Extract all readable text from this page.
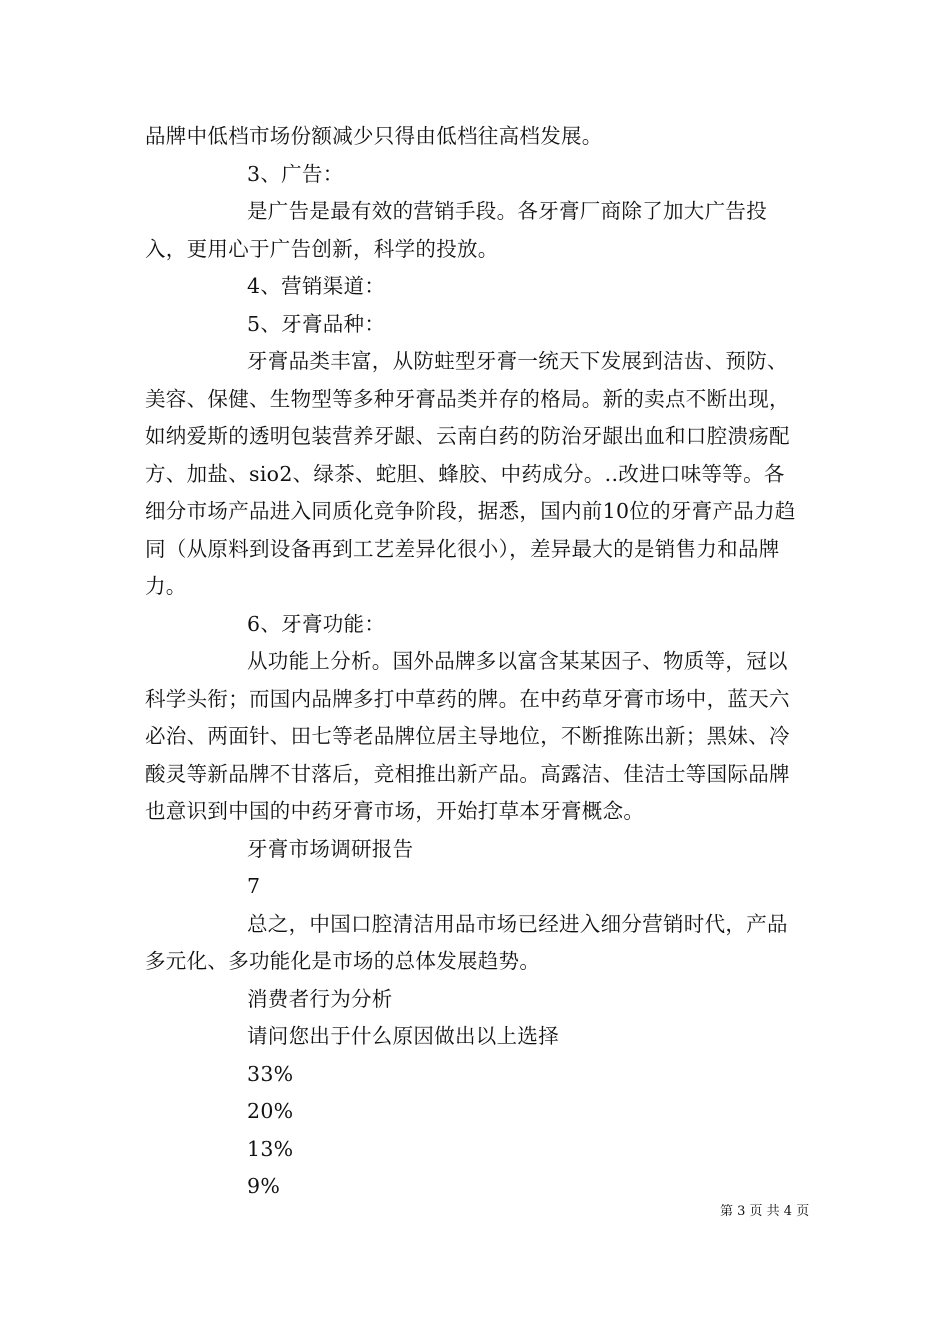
品牌中低档市场份额减少只得由低档往高档发展。

3、广告：

是广告是最有效的营销手段。各牙膏厂商除了加大广告投入，更用心于广告创新，科学的投放。

4、营销渠道：

5、牙膏品种：

牙膏品类丰富，从防蛀型牙膏一统天下发展到洁齿、预防、美容、保健、生物型等多种牙膏品类并存的格局。新的卖点不断出现，如纳爱斯的透明包装营养牙龈、云南白药的防治牙龈出血和口腔溃疡配方、加盐、sio2、绿茶、蛇胆、蜂胶、中药成分。..改进口味等等。各细分市场产品进入同质化竞争阶段，据悉，国内前10位的牙膏产品力趋同（从原料到设备再到工艺差异化很小），差异最大的是销售力和品牌力。

6、牙膏功能：

从功能上分析。国外品牌多以富含某某因子、物质等，冠以科学头衔；而国内品牌多打中草药的牌。在中药草牙膏市场中，蓝天六必治、两面针、田七等老品牌位居主导地位，不断推陈出新；黑妹、冷酸灵等新品牌不甘落后，竞相推出新产品。高露洁、佳洁士等国际品牌也意识到中国的中药牙膏市场，开始打草本牙膏概念。

牙膏市场调研报告

7

总之，中国口腔清洁用品市场已经进入细分营销时代，产品多元化、多功能化是市场的总体发展趋势。

消费者行为分析

请问您出于什么原因做出以上选择

33%

20%

13%

9%

第 3 页 共 4 页
